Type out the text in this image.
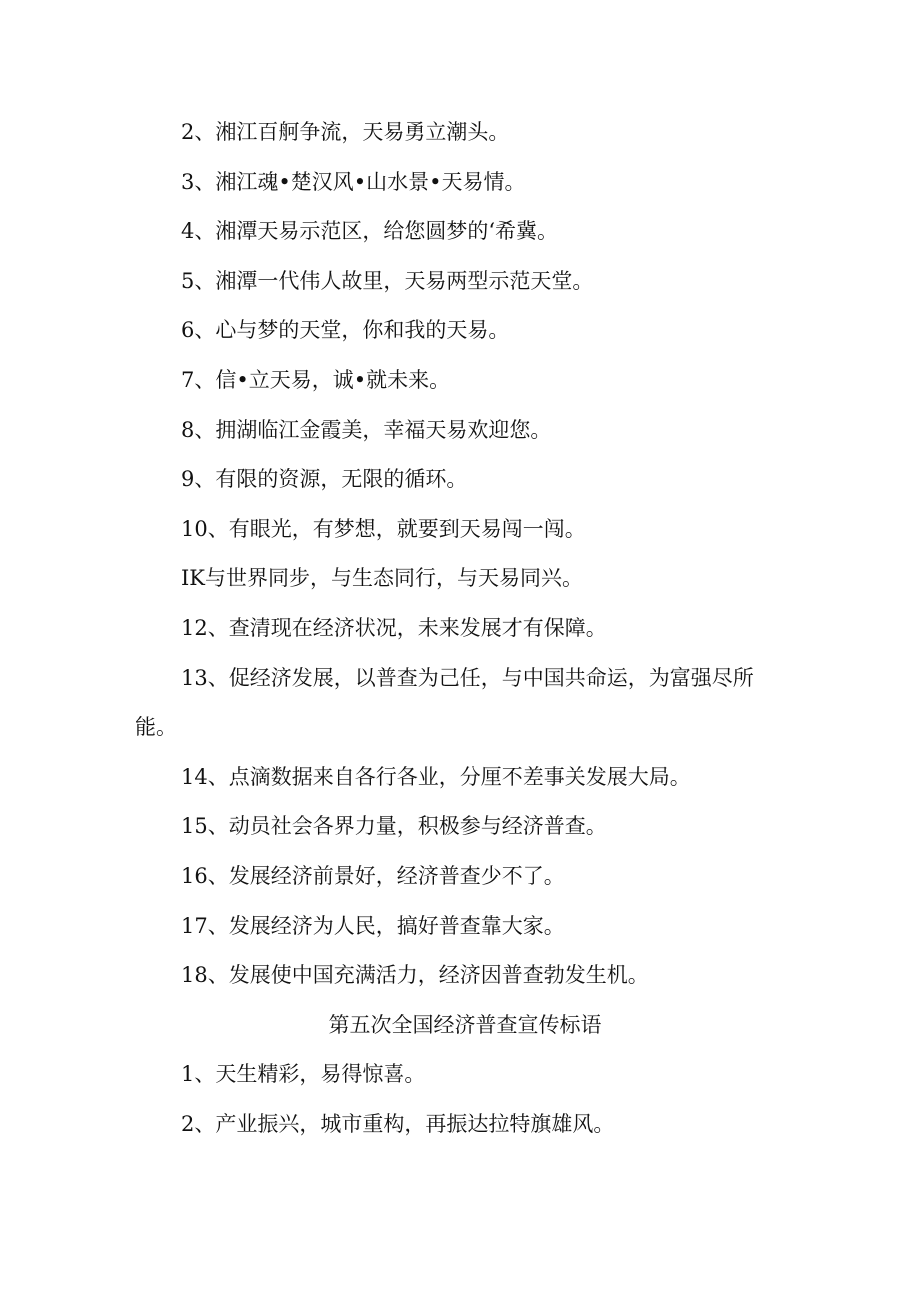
2、湘江百舸争流，天易勇立潮头。

3、湘江魂•楚汉风•山水景•天易情。

4、湘潭天易示范区，给您圆梦的‘希冀。

5、湘潭一代伟人故里，天易两型示范天堂。

6、心与梦的天堂，你和我的天易。

7、信•立天易，诚•就未来。

8、拥湖临江金霞美，幸福天易欢迎您。

9、有限的资源，无限的循环。

10、有眼光，有梦想，就要到天易闯一闯。

IK与世界同步，与生态同行，与天易同兴。

12、查清现在经济状况，未来发展才有保障。

13、促经济发展，以普查为己任，与中国共命运，为富强尽所能。

14、点滴数据来自各行各业，分厘不差事关发展大局。

15、动员社会各界力量，积极参与经济普查。

16、发展经济前景好，经济普查少不了。

17、发展经济为人民，搞好普查靠大家。

18、发展使中国充满活力，经济因普查勃发生机。

第五次全国经济普查宣传标语

1、天生精彩，易得惊喜。

2、产业振兴，城市重构，再振达拉特旗雄风。
